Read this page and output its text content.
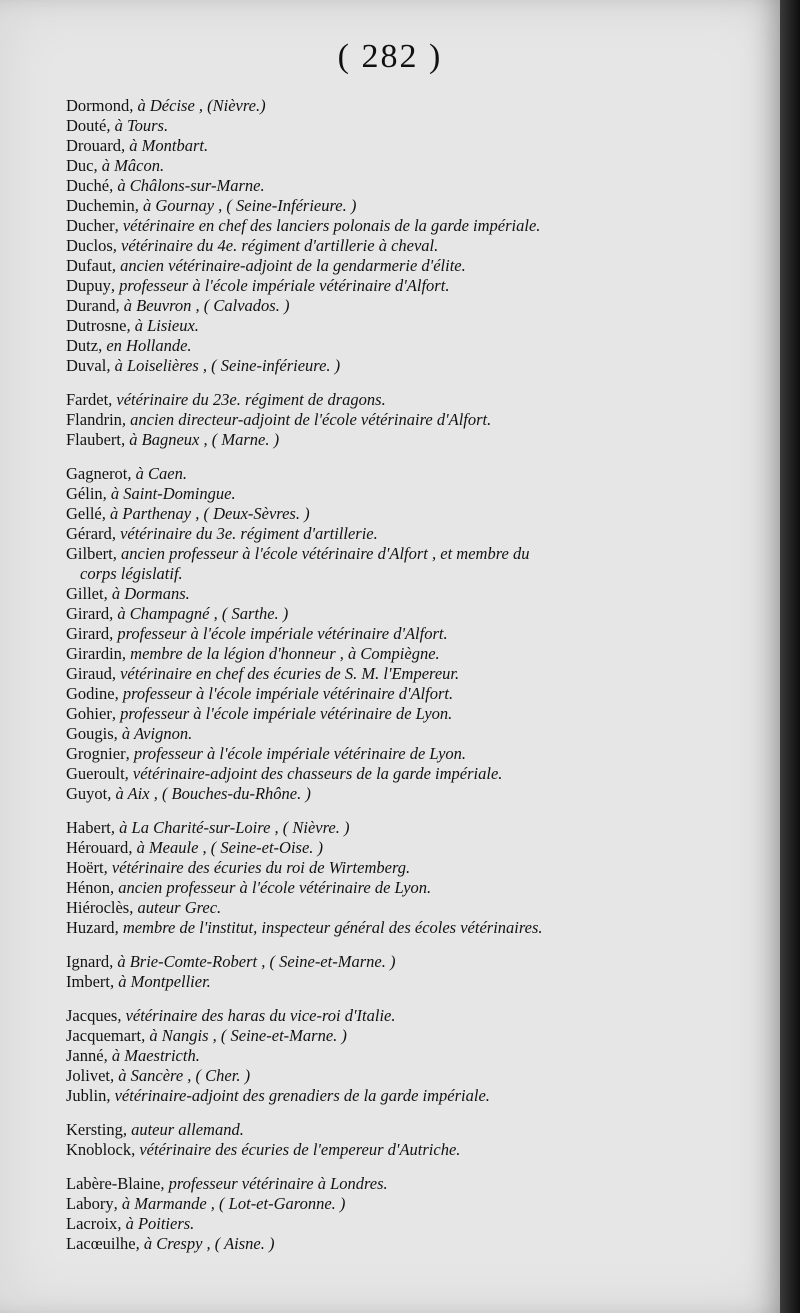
( 282 )
Dormond, à Décise , (Nièvre.)
Douté, à Tours.
Drouard, à Montbart.
Duc, à Mâcon.
Duché, à Châlons-sur-Marne.
Duchemin, à Gournay , ( Seine-Inférieure. )
Ducher, vétérinaire en chef des lanciers polonais de la garde impériale.
Duclos, vétérinaire du 4e. régiment d'artillerie à cheval.
Dufaut, ancien vétérinaire-adjoint de la gendarmerie d'élite.
Dupuy, professeur à l'école impériale vétérinaire d'Alfort.
Durand, à Beuvron , ( Calvados. )
Dutrosne, à Lisieux.
Dutz, en Hollande.
Duval, à Loiselières , ( Seine-inférieure. )
Fardet, vétérinaire du 23e. régiment de dragons.
Flandrin, ancien directeur-adjoint de l'école vétérinaire d'Alfort.
Flaubert, à Bagneux , ( Marne. )
Gagnerot, à Caen.
Gélin, à Saint-Domingue.
Gellé, à Parthenay , ( Deux-Sèvres. )
Gérard, vétérinaire du 3e. régiment d'artillerie.
Gilbert, ancien professeur à l'école vétérinaire d'Alfort , et membre du
corps législatif.
Gillet, à Dormans.
Girard, à Champagné , ( Sarthe. )
Girard, professeur à l'école impériale vétérinaire d'Alfort.
Girardin, membre de la légion d'honneur , à Compiègne.
Giraud, vétérinaire en chef des écuries de S. M. l'Empereur.
Godine, professeur à l'école impériale vétérinaire d'Alfort.
Gohier, professeur à l'école impériale vétérinaire de Lyon.
Gougis, à Avignon.
Grognier, professeur à l'école impériale vétérinaire de Lyon.
Gueroult, vétérinaire-adjoint des chasseurs de la garde impériale.
Guyot, à Aix , ( Bouches-du-Rhône. )
Habert, à La Charité-sur-Loire , ( Nièvre. )
Hérouard, à Meaule , ( Seine-et-Oise. )
Hoërt, vétérinaire des écuries du roi de Wirtemberg.
Hénon, ancien professeur à l'école vétérinaire de Lyon.
Hiéroclès, auteur Grec.
Huzard, membre de l'institut, inspecteur général des écoles vétérinaires.
Ignard, à Brie-Comte-Robert , ( Seine-et-Marne. )
Imbert, à Montpellier.
Jacques, vétérinaire des haras du vice-roi d'Italie.
Jacquemart, à Nangis , ( Seine-et-Marne. )
Janné, à Maestricth.
Jolivet, à Sancère , ( Cher. )
Jublin, vétérinaire-adjoint des grenadiers de la garde impériale.
Kersting, auteur allemand.
Knoblock, vétérinaire des écuries de l'empereur d'Autriche.
Labère-Blaine, professeur vétérinaire à Londres.
Labory, à Marmande , ( Lot-et-Garonne. )
Lacroix, à Poitiers.
Lacœuilhe, à Crespy , ( Aisne. )
